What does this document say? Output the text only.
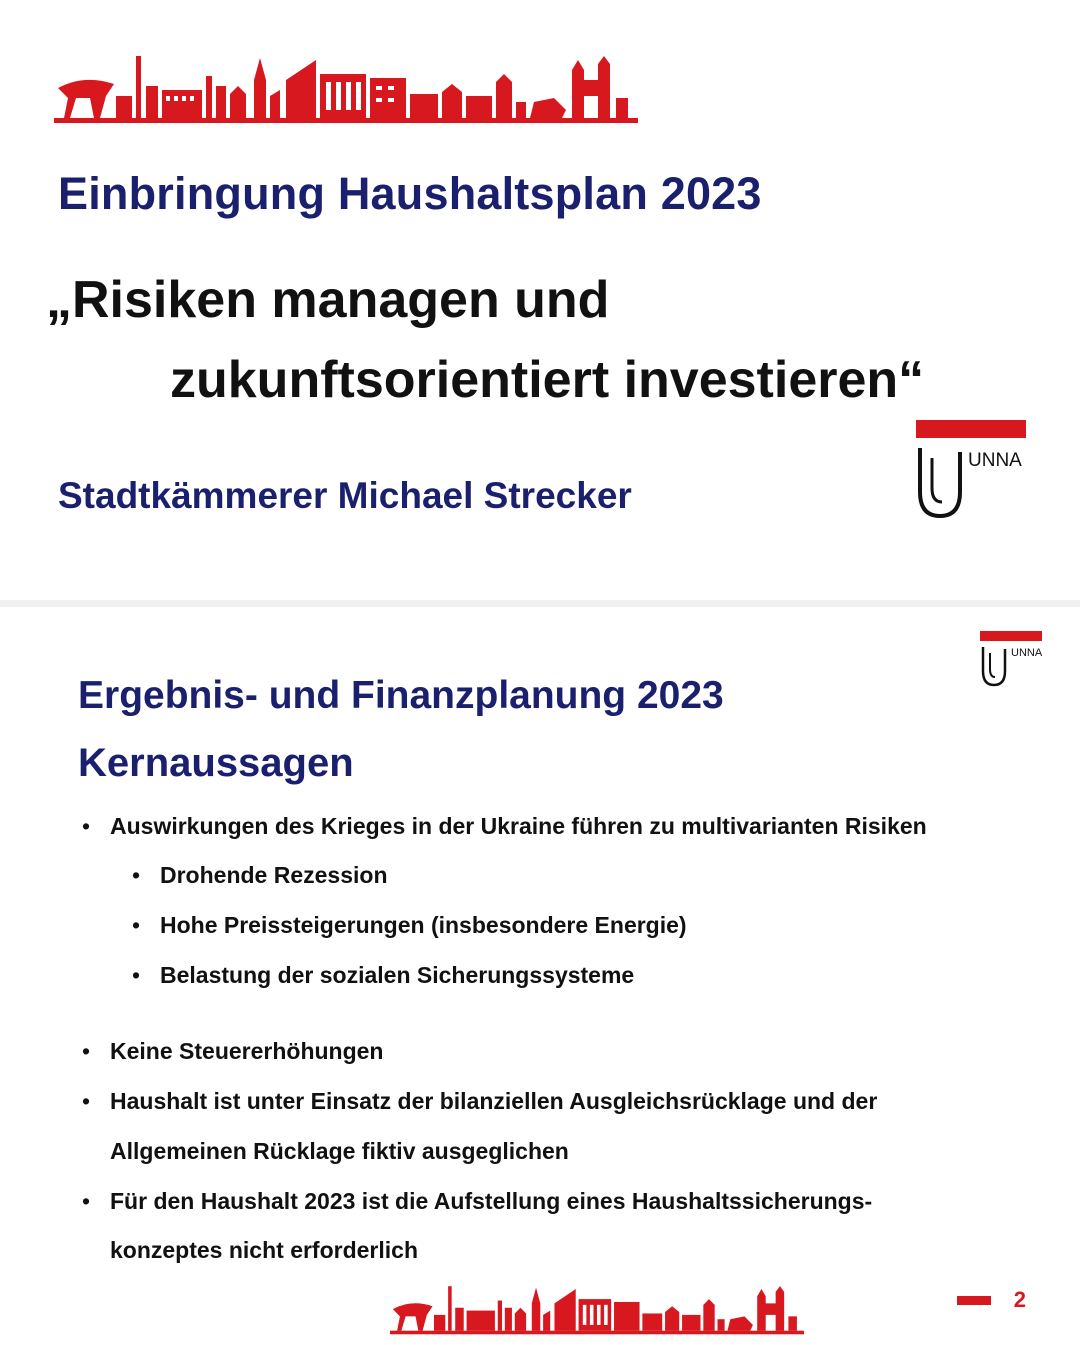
Einbringung Haushaltsplan 2023
„Risiken managen und
zukunftsorientiert investieren“
Stadtkämmerer Michael Strecker
UNNA
UNNA
Ergebnis- und Finanzplanung 2023
Kernaussagen
• Auswirkungen des Krieges in der Ukraine führen zu multivarianten Risiken
• Drohende Rezession
• Hohe Preissteigerungen (insbesondere Energie)
• Belastung der sozialen Sicherungssysteme
• Keine Steuererhöhungen
• Haushalt ist unter Einsatz der bilanziellen Ausgleichsrücklage und der
Allgemeinen Rücklage fiktiv ausgeglichen
• Für den Haushalt 2023 ist die Aufstellung eines Haushaltssicherungs-
konzeptes nicht erforderlich
2
